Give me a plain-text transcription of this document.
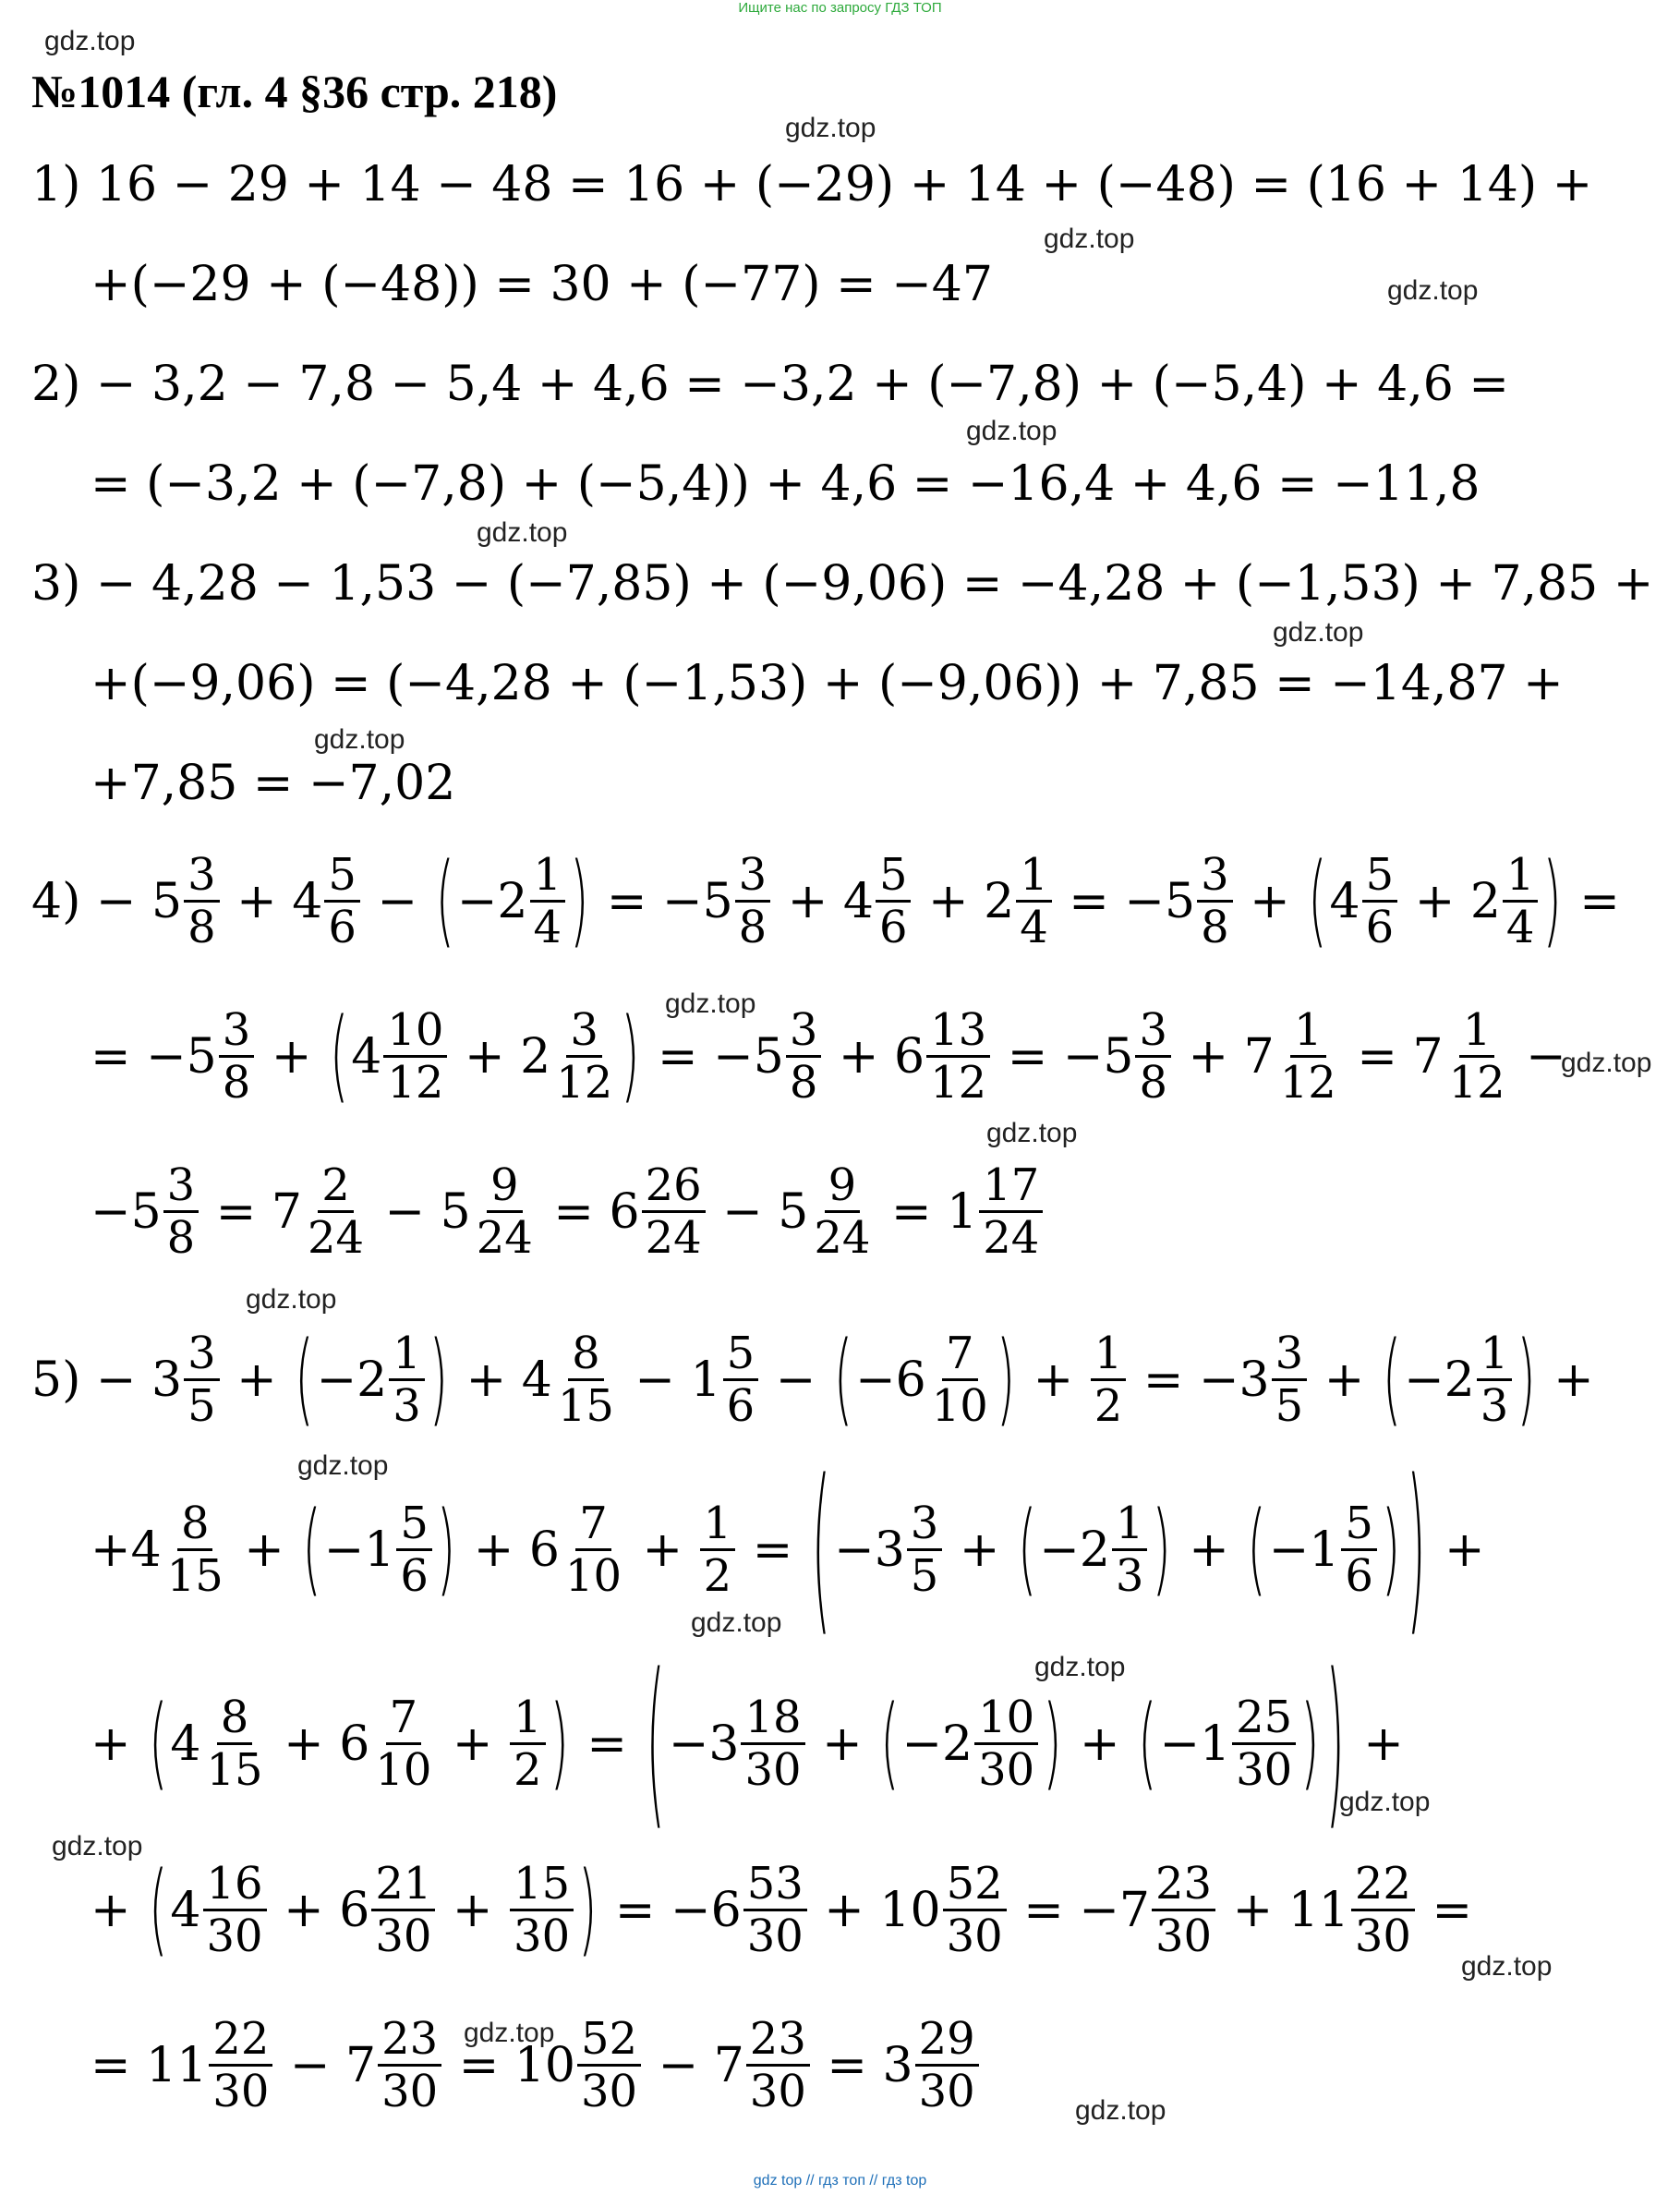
Ищите нас по запросу ГДЗ ТОП
gdz.top
gdz.top
gdz.top
gdz.top
gdz.top
gdz.top
gdz.top
gdz.top
gdz.top
gdz.top
gdz.top
gdz.top
gdz.top
gdz.top
gdz.top
gdz.top
gdz.top
gdz.top
gdz.top
gdz.top
№1014 (гл. 4 §36 стр. 218)
1) 16 − 29 + 14 − 48 = 16 + (−29) + 14 + (−48) = (16 + 14) +
+(−29 + (−48)) = 30 + (−77) = −47
2) − 3,2 − 7,8 − 5,4 + 4,6 = −3,2 + (−7,8) + (−5,4) + 4,6 =
= (−3,2 + (−7,8) + (−5,4)) + 4,6 = −16,4 + 4,6 = −11,8
3) − 4,28 − 1,53 − (−7,85) + (−9,06) = −4,28 + (−1,53) + 7,85 +
+(−9,06) = (−4,28 + (−1,53) + (−9,06)) + 7,85 = −14,87 +
+7,85 = −7,02
$4) - 5 \frac{3}{8} + 4 \frac{5}{6}$ − ( $-2 \frac{1}{4}$ ) = $-5 \frac{3}{8} + 4 \frac{5}{6} + 2 \frac{1}{4} = -5 \frac{3}{8}$ + ( $4 \frac{5}{6} + 2 \frac{1}{4}$ ) =
= $-5 \frac{3}{8}$ + ( $4 \frac{10}{12} + 2 \frac{3}{12}$ ) = $-5 \frac{3}{8} + 6 \frac{13}{12} = -5 \frac{3}{8} + 7 \frac{1}{12} = 7 \frac{1}{12}$ −
$-5 \frac{3}{8} = 7 \frac{2}{24} - 5 \frac{9}{24} = 6 \frac{26}{24} - 5 \frac{9}{24} = 1 \frac{17}{24}$
$5) - 3 \frac{3}{5}$ + ( $-2 \frac{1}{3}$ ) + $4 \frac{8}{15} - 1 \frac{5}{6}$ − ( $-6 \frac{7}{10}$ ) + $\frac{1}{2} = -3 \frac{3}{5}$ + ( $-2 \frac{1}{3}$ ) +
+ $4 \frac{8}{15}$ + ( $-1 \frac{5}{6}$ ) + $6 \frac{7}{10} + \frac{1}{2}$ = ( $-3 \frac{3}{5}$ + ( $-2 \frac{1}{3}$ ) + ( $-1 \frac{5}{6}$ ) ) +
+ ( $4 \frac{8}{15} + 6 \frac{7}{10} + \frac{1}{2}$ ) = ( $-3 \frac{18}{30}$ + ( $-2 \frac{10}{30}$ ) + ( $-1 \frac{25}{30}$ ) ) +
+ ( $4 \frac{16}{30} + 6 \frac{21}{30} + \frac{15}{30}$ ) = $-6 \frac{53}{30} + 10 \frac{52}{30} = -7 \frac{23}{30} + 11 \frac{22}{30}$ =
= $11 \frac{22}{30} - 7 \frac{23}{30} = 10 \frac{52}{30} - 7 \frac{23}{30} = 3 \frac{29}{30}$
gdz top // гдз топ // гдз top
